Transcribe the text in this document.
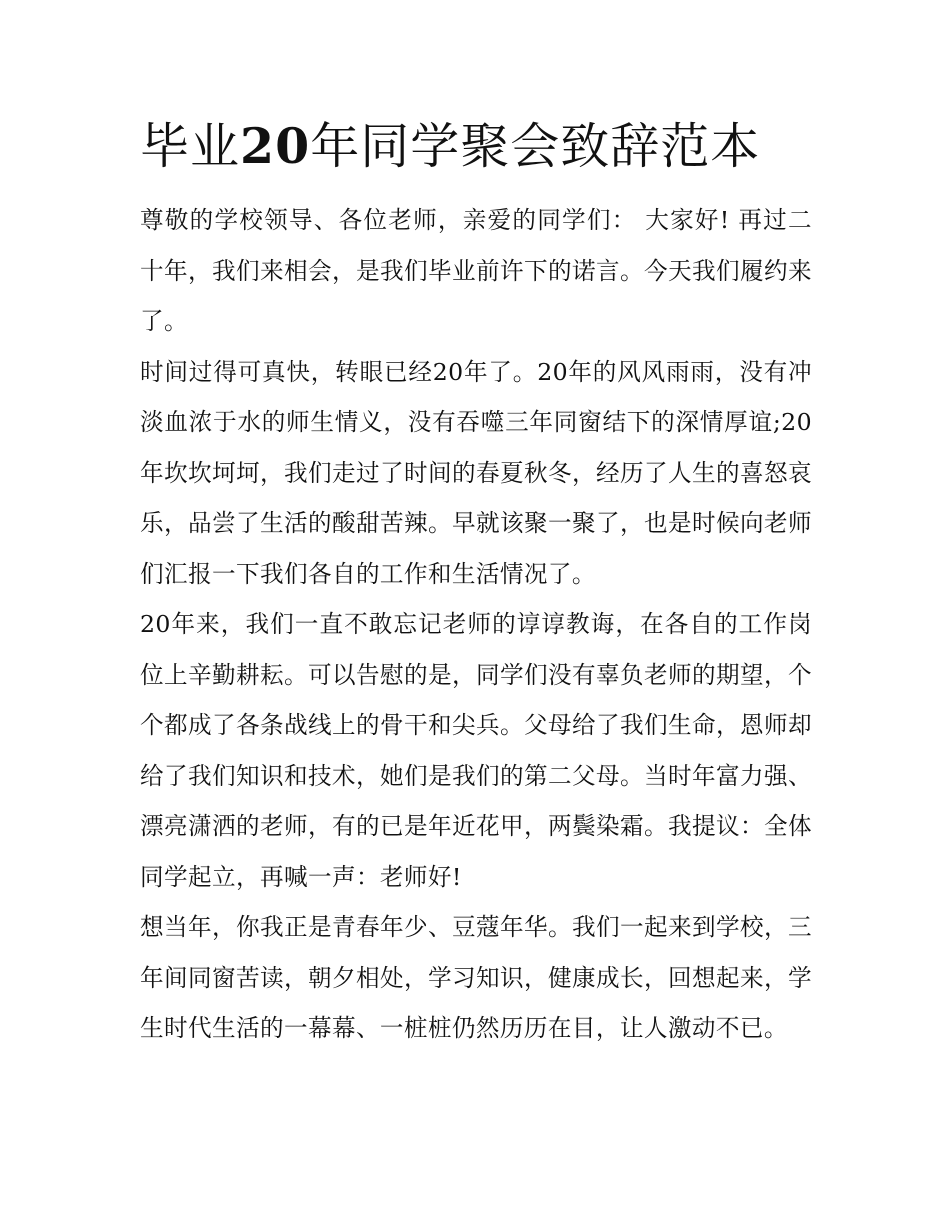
毕业20年同学聚会致辞范本

尊敬的学校领导、各位老师，亲爱的同学们： 大家好! 再过二十年，我们来相会，是我们毕业前许下的诺言。今天我们履约来了。

时间过得可真快，转眼已经20年了。20年的风风雨雨，没有冲淡血浓于水的师生情义，没有吞噬三年同窗结下的深情厚谊;20年坎坎坷坷，我们走过了时间的春夏秋冬，经历了人生的喜怒哀乐，品尝了生活的酸甜苦辣。早就该聚一聚了，也是时候向老师们汇报一下我们各自的工作和生活情况了。

20年来，我们一直不敢忘记老师的谆谆教诲，在各自的工作岗位上辛勤耕耘。可以告慰的是，同学们没有辜负老师的期望，个个都成了各条战线上的骨干和尖兵。父母给了我们生命，恩师却给了我们知识和技术，她们是我们的第二父母。当时年富力强、漂亮潇洒的老师，有的已是年近花甲，两鬓染霜。我提议：全体同学起立，再喊一声：老师好!

想当年，你我正是青春年少、豆蔻年华。我们一起来到学校，三年间同窗苦读，朝夕相处，学习知识，健康成长，回想起来，学生时代生活的一幕幕、一桩桩仍然历历在目，让人激动不已。
